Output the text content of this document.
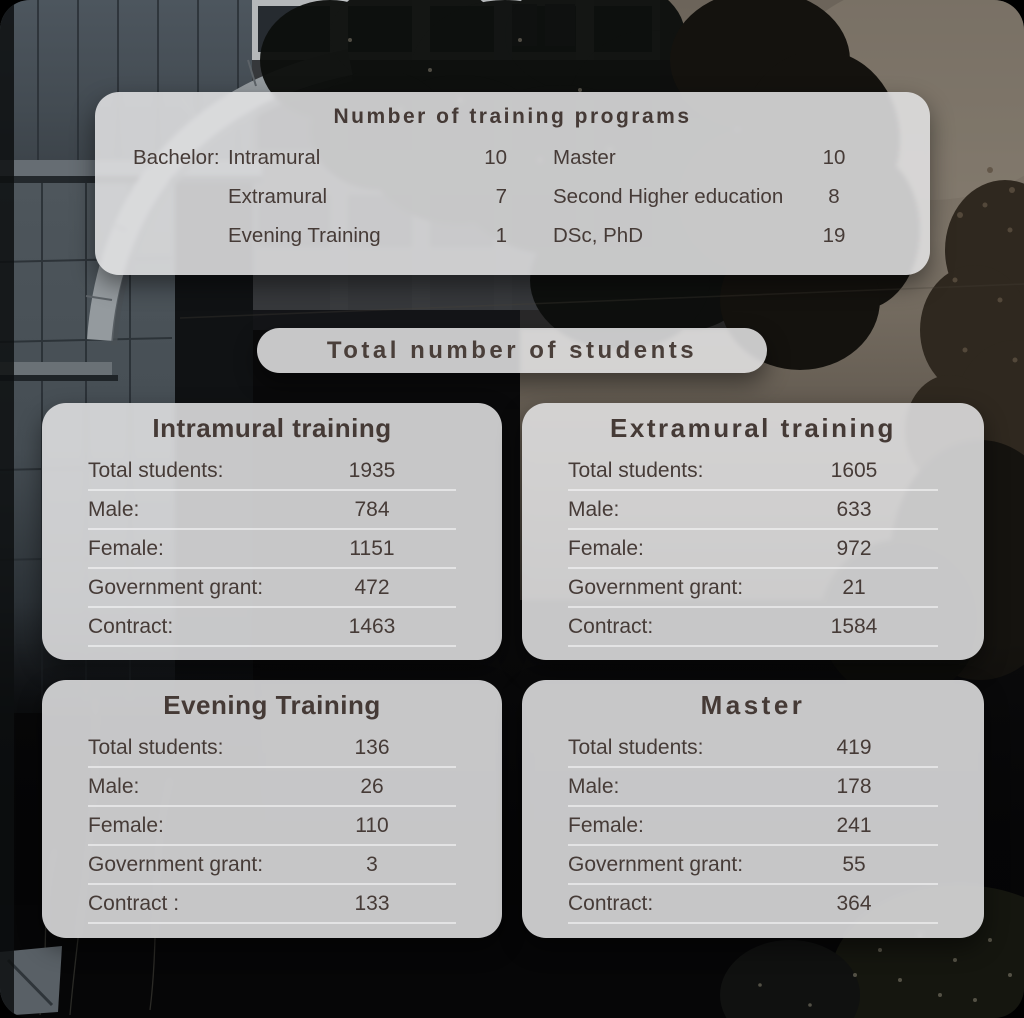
Number of training programs
Bachelor: Intramural	10 Master	10
Extramural	7 Second Higher education	8
Evening Training	1 DSc, PhD	19
Total number of students
Intramural training
Total students:	1935
Male:	784
Female:	1151
Government grant:	472
Contract:	1463
Extramural training
Total students:	1605
Male:	633
Female:	972
Government grant:	21
Contract:	1584
Evening Training
Total students:	136
Male:	26
Female:	110
Government grant:	3
Contract :	133
Master
Total students:	419
Male:	178
Female:	241
Government grant:	55
Contract:	364
